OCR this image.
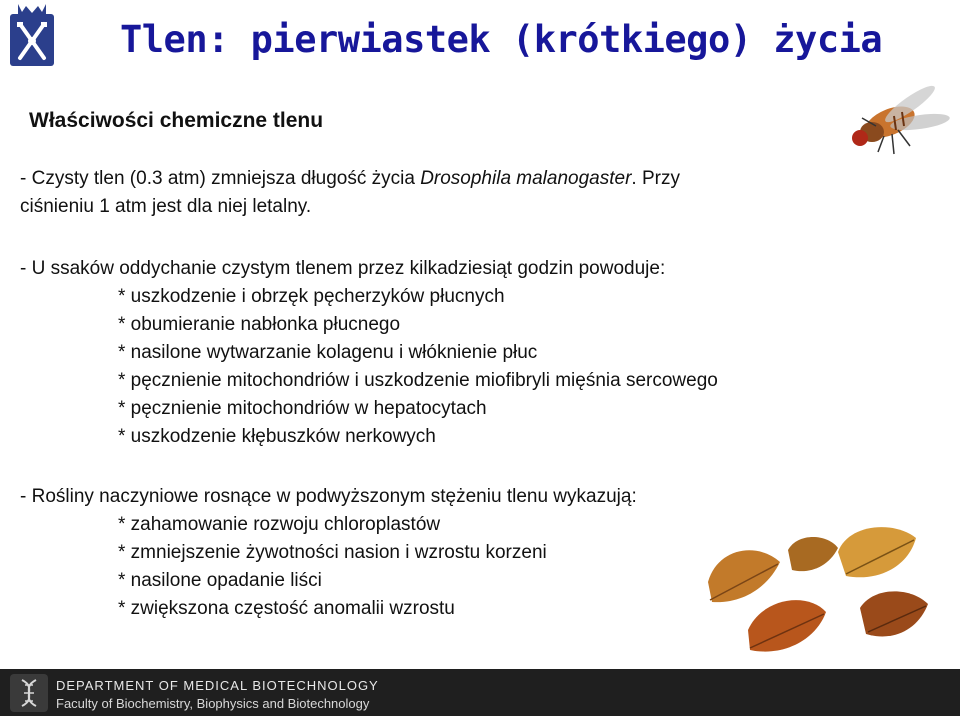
Tlen: pierwiastek (krótkiego) życia
Właściwości chemiczne tlenu
- Czysty tlen (0.3 atm) zmniejsza długość życia Drosophila malanogaster. Przy
ciśnieniu 1 atm jest dla niej letalny.
- U ssaków oddychanie czystym tlenem przez kilkadziesiąt godzin powoduje:
* uszkodzenie i obrzęk pęcherzyków płucnych
* obumieranie nabłonka płucnego
* nasilone wytwarzanie kolagenu i włóknienie płuc
* pęcznienie mitochondriów i uszkodzenie miofibryli mięśnia sercowego
* pęcznienie mitochondriów w hepatocytach
* uszkodzenie kłębuszków nerkowych
- Rośliny naczyniowe rosnące w podwyższonym stężeniu tlenu wykazują:
* zahamowanie rozwoju chloroplastów
* zmniejszenie żywotności nasion i wzrostu korzeni
* nasilone opadanie liści
* zwiększona częstość anomalii wzrostu
DEPARTMENT OF MEDICAL BIOTECHNOLOGY
Faculty of Biochemistry, Biophysics and Biotechnology
